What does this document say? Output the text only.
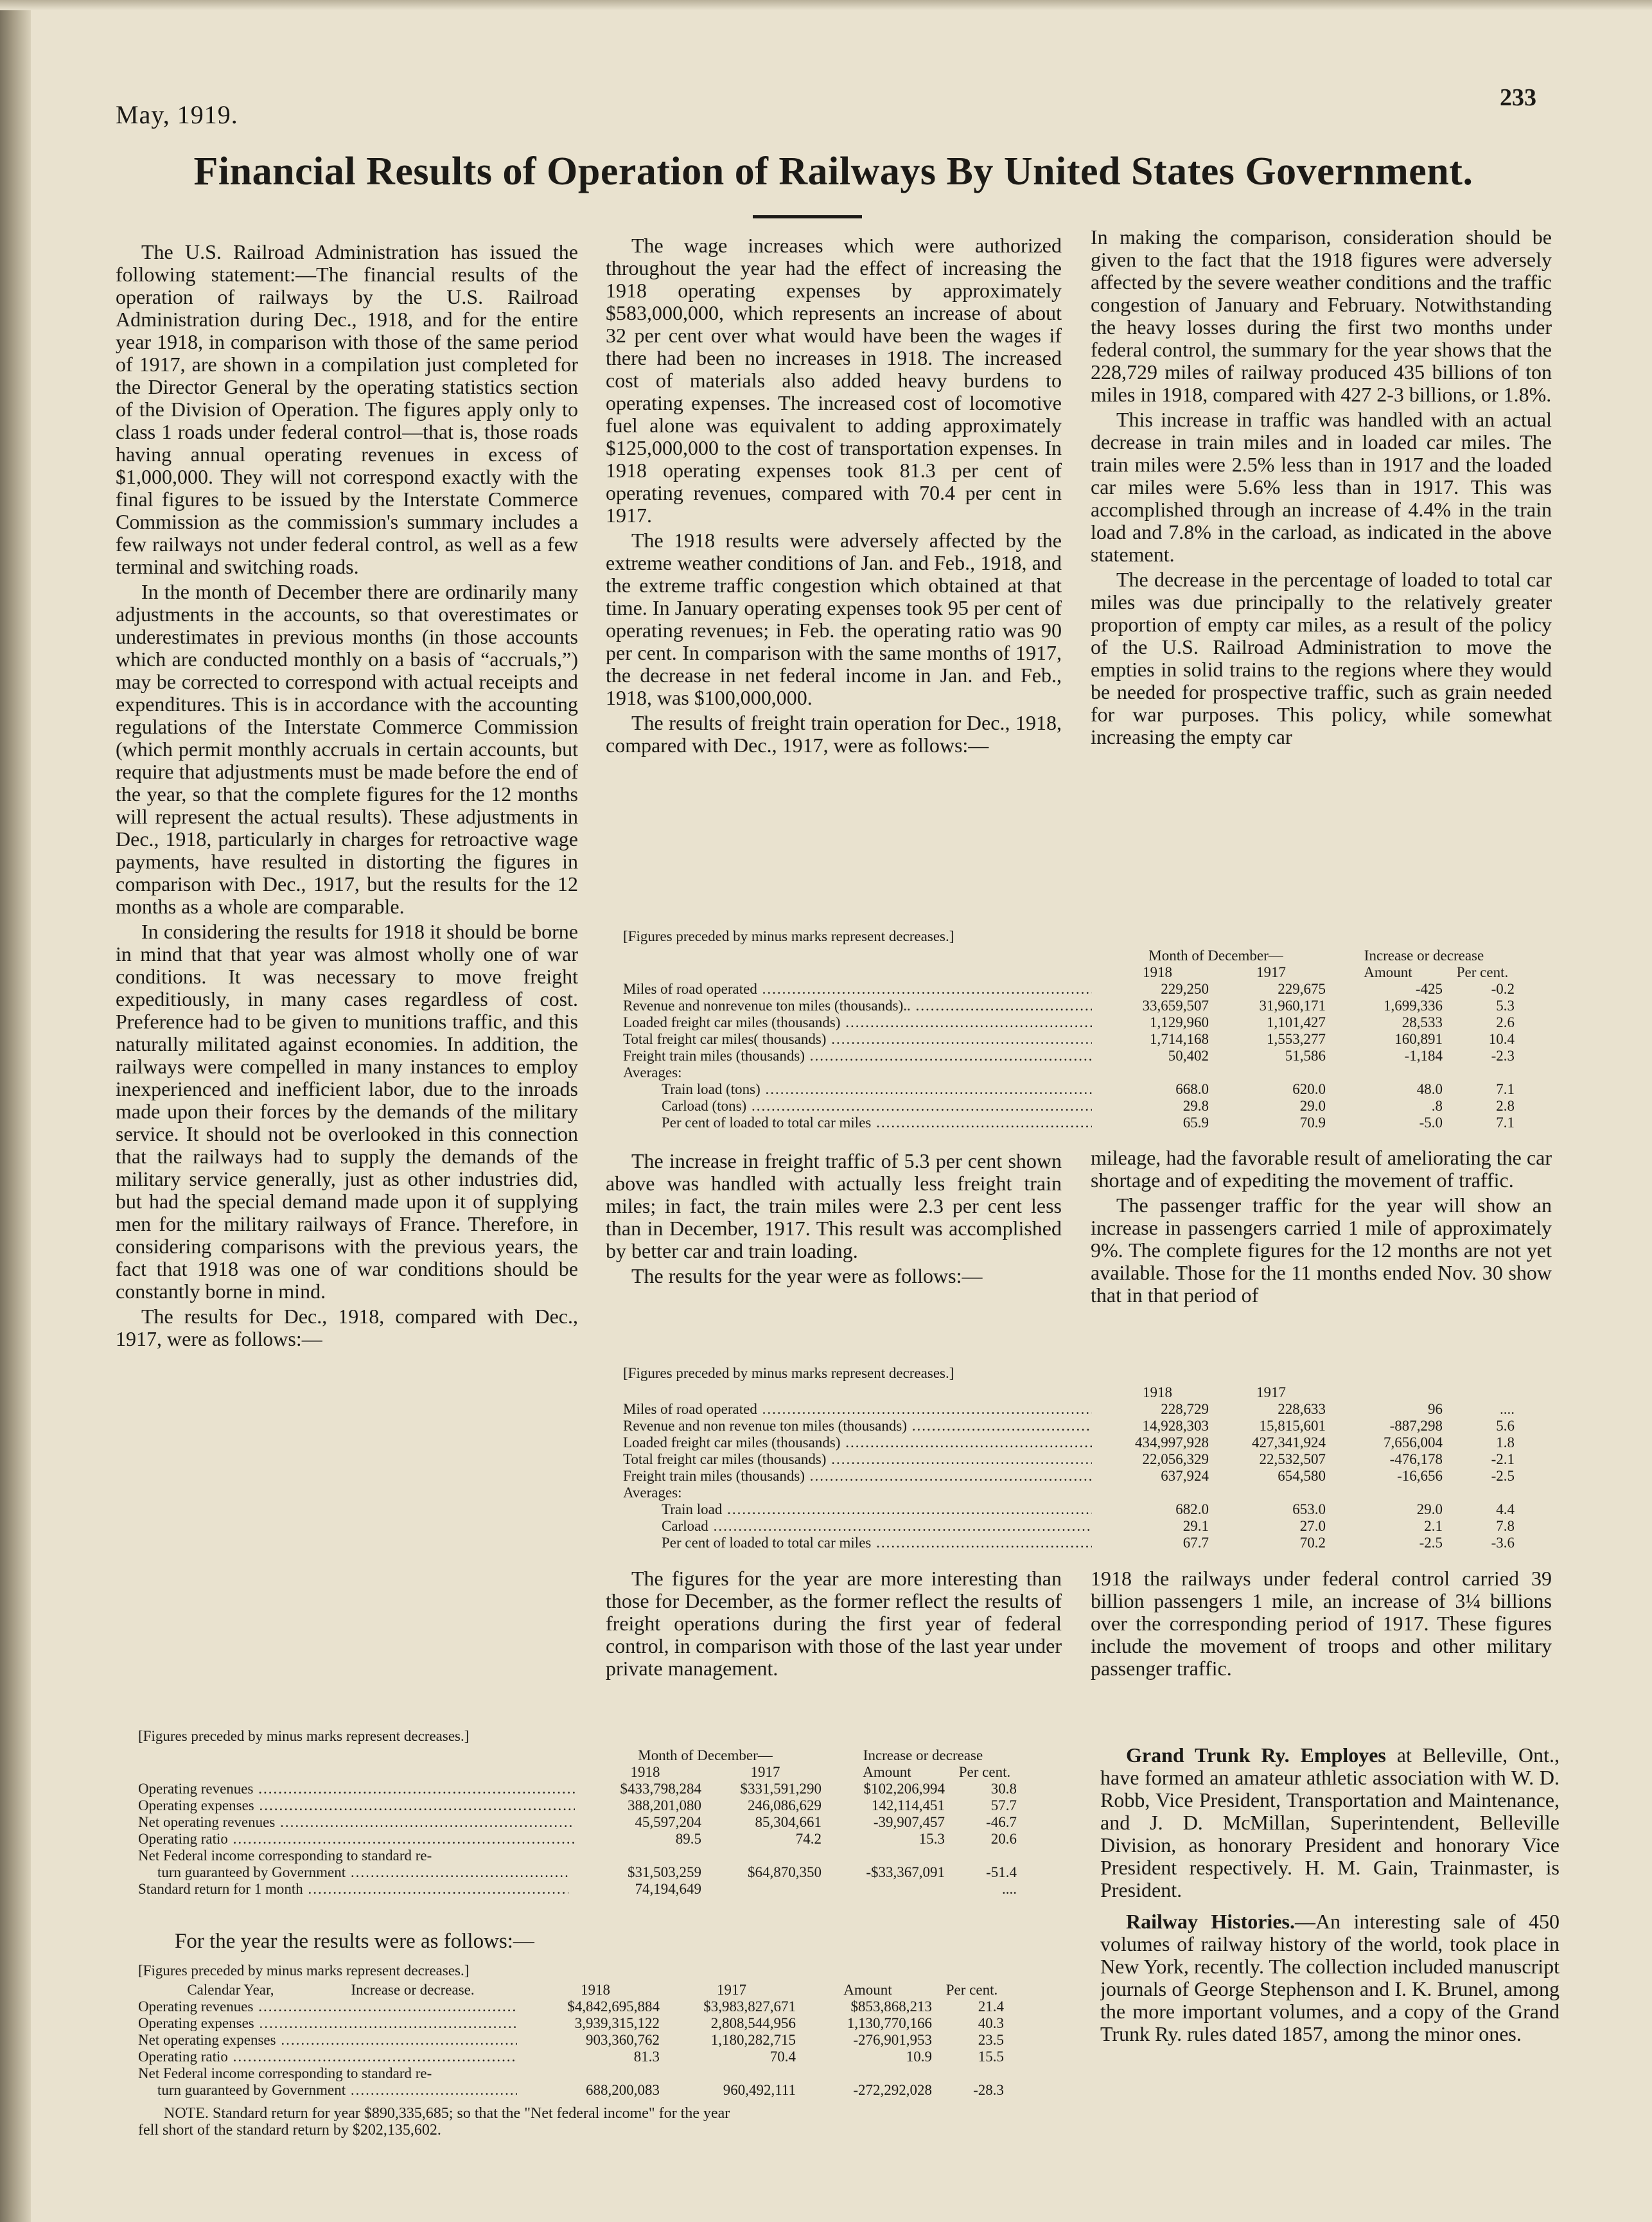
May, 1919.
233
Financial Results of Operation of Railways By United States Government.

The U.S. Railroad Administration has issued the following statement:—The financial results of the operation of railways by the U.S. Railroad Administration during Dec., 1918, and for the entire year 1918, in comparison with those of the same period of 1917, are shown in a compilation just completed for the Director General by the operating statistics section of the Division of Operation. The figures apply only to class 1 roads under federal control—that is, those roads having annual operating revenues in excess of $1,000,000. They will not correspond exactly with the final figures to be issued by the Interstate Commerce Commission as the commission's summary includes a few railways not under federal control, as well as a few terminal and switching roads.

In the month of December there are ordinarily many adjustments in the accounts, so that overestimates or underestimates in previous months (in those accounts which are conducted monthly on a basis of “accruals,”) may be corrected to correspond with actual receipts and expenditures. This is in accordance with the accounting regulations of the Interstate Commerce Commission (which permit monthly accruals in certain accounts, but require that adjustments must be made before the end of the year, so that the complete figures for the 12 months will represent the actual results). These adjustments in Dec., 1918, particularly in charges for retroactive wage payments, have resulted in distorting the figures in comparison with Dec., 1917, but the results for the 12 months as a whole are comparable.

In considering the results for 1918 it should be borne in mind that that year was almost wholly one of war conditions. It was necessary to move freight expeditiously, in many cases regardless of cost. Preference had to be given to munitions traffic, and this naturally militated against economies. In addition, the railways were compelled in many instances to employ inexperienced and inefficient labor, due to the inroads made upon their forces by the demands of the military service. It should not be overlooked in this connection that the railways had to supply the demands of the military service generally, just as other industries did, but had the special demand made upon it of supplying men for the military railways of France. Therefore, in considering comparisons with the previous years, the fact that 1918 was one of war conditions should be constantly borne in mind.

The results for Dec., 1918, compared with Dec., 1917, were as follows:—

The wage increases which were authorized throughout the year had the effect of increasing the 1918 operating expenses by approximately $583,000,000, which represents an increase of about 32 per cent over what would have been the wages if there had been no increases in 1918. The increased cost of materials also added heavy burdens to operating expenses. The increased cost of locomotive fuel alone was equivalent to adding approximately $125,000,000 to the cost of transportation expenses. In 1918 operating expenses took 81.3 per cent of operating revenues, compared with 70.4 per cent in 1917.

The 1918 results were adversely affected by the extreme weather conditions of Jan. and Feb., 1918, and the extreme traffic congestion which obtained at that time. In January operating expenses took 95 per cent of operating revenues; in Feb. the operating ratio was 90 per cent. In comparison with the same months of 1917, the decrease in net federal income in Jan. and Feb., 1918, was $100,000,000.

The results of freight train operation for Dec., 1918, compared with Dec., 1917, were as follows:—

In making the comparison, consideration should be given to the fact that the 1918 figures were adversely affected by the severe weather conditions and the traffic congestion of January and February. Notwithstanding the heavy losses during the first two months under federal control, the summary for the year shows that the 228,729 miles of railway produced 435 billions of ton miles in 1918, compared with 427 2-3 billions, or 1.8%.

This increase in traffic was handled with an actual decrease in train miles and in loaded car miles. The train miles were 2.5% less than in 1917 and the loaded car miles were 5.6% less than in 1917. This was accomplished through an increase of 4.4% in the train load and 7.8% in the carload, as indicated in the above statement.

The decrease in the percentage of loaded to total car miles was due principally to the relatively greater proportion of empty car miles, as a result of the policy of the U.S. Railroad Administration to move the empties in solid trains to the regions where they would be needed for prospective traffic, such as grain needed for war purposes. This policy, while somewhat increasing the empty car

[Figures preceded by minus marks represent decreases.]
	Month of December—		Increase or decrease	
	1918	1917	Amount	Per cent.
Miles of road operated .....	229,250	229,675	-425	-0.2
Revenue and nonrevenue ton miles (thousands).. .....	33,659,507	31,960,171	1,699,336	5.3
Loaded freight car miles (thousands) .....	1,129,960	1,101,427	28,533	2.6
Total freight car miles( thousands) .....	1,714,168	1,553,277	160,891	10.4
Freight train miles (thousands) .....	50,402	51,586	-1,184	-2.3
Averages:				
Train load (tons) .....	668.0	620.0	48.0	7.1
Carload (tons) .....	29.8	29.0	.8	2.8
Per cent of loaded to total car miles .....	65.9	70.9	-5.0	7.1

The increase in freight traffic of 5.3 per cent shown above was handled with actually less freight train miles; in fact, the train miles were 2.3 per cent less than in December, 1917. This result was accomplished by better car and train loading.

The results for the year were as follows:—

mileage, had the favorable result of ameliorating the car shortage and of expediting the movement of traffic.

The passenger traffic for the year will show an increase in passengers carried 1 mile of approximately 9%. The complete figures for the 12 months are not yet available. Those for the 11 months ended Nov. 30 show that in that period of

[Figures preceded by minus marks represent decreases.]
	1918	1917		
Miles of road operated .....	228,729	228,633	96	....
Revenue and non revenue ton miles (thousands) .....	14,928,303	15,815,601	-887,298	5.6
Loaded freight car miles (thousands) .....	434,997,928	427,341,924	7,656,004	1.8
Total freight car miles (thousands) .....	22,056,329	22,532,507	-476,178	-2.1
Freight train miles (thousands) .....	637,924	654,580	-16,656	-2.5
Averages:				
Train load .....	682.0	653.0	29.0	4.4
Carload .....	29.1	27.0	2.1	7.8
Per cent of loaded to total car miles .....	67.7	70.2	-2.5	-3.6

The figures for the year are more interesting than those for December, as the former reflect the results of freight operations during the first year of federal control, in comparison with those of the last year under private management.

1918 the railways under federal control carried 39 billion passengers 1 mile, an increase of 3¼ billions over the corresponding period of 1917. These figures include the movement of troops and other military passenger traffic.

[Figures preceded by minus marks represent decreases.]
	Month of December—		Increase or decrease	
	1918	1917	Amount	Per cent.
Operating revenues .....	$433,798,284	$331,591,290	$102,206,994	30.8
Operating expenses .....	388,201,080	246,086,629	142,114,451	57.7
Net operating revenues .....	45,597,204	85,304,661	-39,907,457	-46.7
Operating ratio .....	89.5	74.2	15.3	20.6
Net Federal income corresponding to standard re-				
turn guaranteed by Government .....	$31,503,259	$64,870,350	-$33,367,091	-51.4
Standard return for 1 month .....	74,194,649			....

For the year the results were as follows:—

[Figures preceded by minus marks represent decreases.]
Calendar Year, Increase or decrease.	1918	1917	Amount	Per cent.
Operating revenues .....	$4,842,695,884	$3,983,827,671	$853,868,213	21.4
Operating expenses .....	3,939,315,122	2,808,544,956	1,130,770,166	40.3
Net operating expenses .....	903,360,762	1,180,282,715	-276,901,953	23.5
Operating ratio .....	81.3	70.4	10.9	15.5
Net Federal income corresponding to standard re-				
turn guaranteed by Government .....	688,200,083	960,492,111	-272,292,028	-28.3
NOTE. Standard return for year $890,335,685; so that the "Net federal income" for the year
fell short of the standard return by $202,135,602.

Grand Trunk Ry. Employes at Belleville, Ont., have formed an amateur athletic association with W. D. Robb, Vice President, Transportation and Maintenance, and J. D. McMillan, Superintendent, Belleville Division, as honorary President and honorary Vice President respectively. H. M. Gain, Trainmaster, is President.

Railway Histories.—An interesting sale of 450 volumes of railway history of the world, took place in New York, recently. The collection included manuscript journals of George Stephenson and I. K. Brunel, among the more important volumes, and a copy of the Grand Trunk Ry. rules dated 1857, among the minor ones.
